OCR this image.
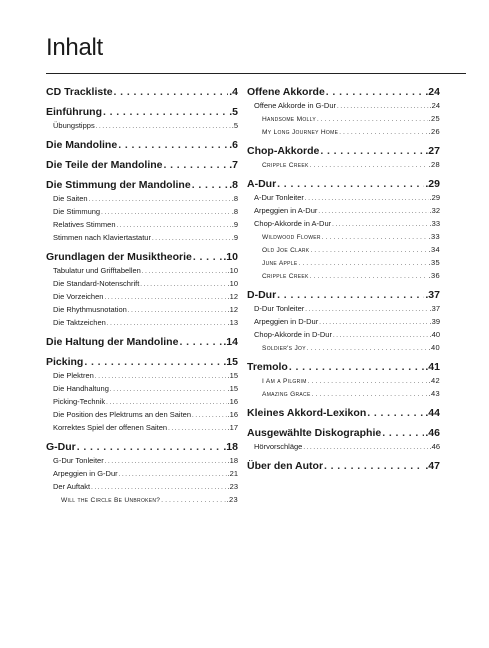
Inhalt
CD Trackliste . . .	.4
Einführung . . .	.5
Übungstipps . . .	.5
Die Mandoline . . .	.6
Die Teile der Mandoline . . .	.7
Die Stimmung der Mandoline . . .	.8
Die Saiten . . .	.8
Die Stimmung . . .	.8
Relatives Stimmen . . .	.9
Stimmen nach Klaviertastatur . . .	.9
Grundlagen der Musiktheorie . . .	.10
Tabulatur und Grifftabellen . . .	.10
Die Standard-Notenschrift . . .	.10
Die Vorzeichen . . .	.12
Die Rhythmusnotation . . .	.12
Die Taktzeichen . . .	.13
Die Haltung der Mandoline . . .	.14
Picking . . .	.15
Die Plektren . . .	.15
Die Handhaltung . . .	.15
Picking-Technik . . .	.16
Die Position des Plektrums an den Saiten . . .	.16
Korrektes Spiel der offenen Saiten . . .	.17
G-Dur . . .	.18
G-Dur Tonleiter . . .	.18
Arpeggien in G-Dur . . .	.21
Der Auftakt . . .	.23
Will the Circle Be Unbroken? . . .	.23
Offene Akkorde . . .	.24
Offene Akkorde in G-Dur . . .	.24
Handsome Molly . . .	.25
My Long Journey Home . . .	.26
Chop-Akkorde . . .	.27
Cripple Creek . . .	.28
A-Dur . . .	.29
A-Dur Tonleiter . . .	.29
Arpeggien in A-Dur . . .	.32
Chop-Akkorde in A-Dur . . .	.33
Wildwood Flower . . .	.33
Old Joe Clark . . .	.34
June Apple . . .	.35
Cripple Creek . . .	.36
D-Dur . . .	.37
D-Dur Tonleiter . . .	.37
Arpeggien in D-Dur . . .	.39
Chop-Akkorde in D-Dur . . .	.40
Soldier's Joy . . .	.40
Tremolo . . .	.41
I Am a Pilgrim . . .	.42
Amazing Grace . . .	.43
Kleines Akkord-Lexikon . . .	.44
Ausgewählte Diskographie . . .	.46
Hörvorschläge . . .	.46
Über den Autor . . .	.47
